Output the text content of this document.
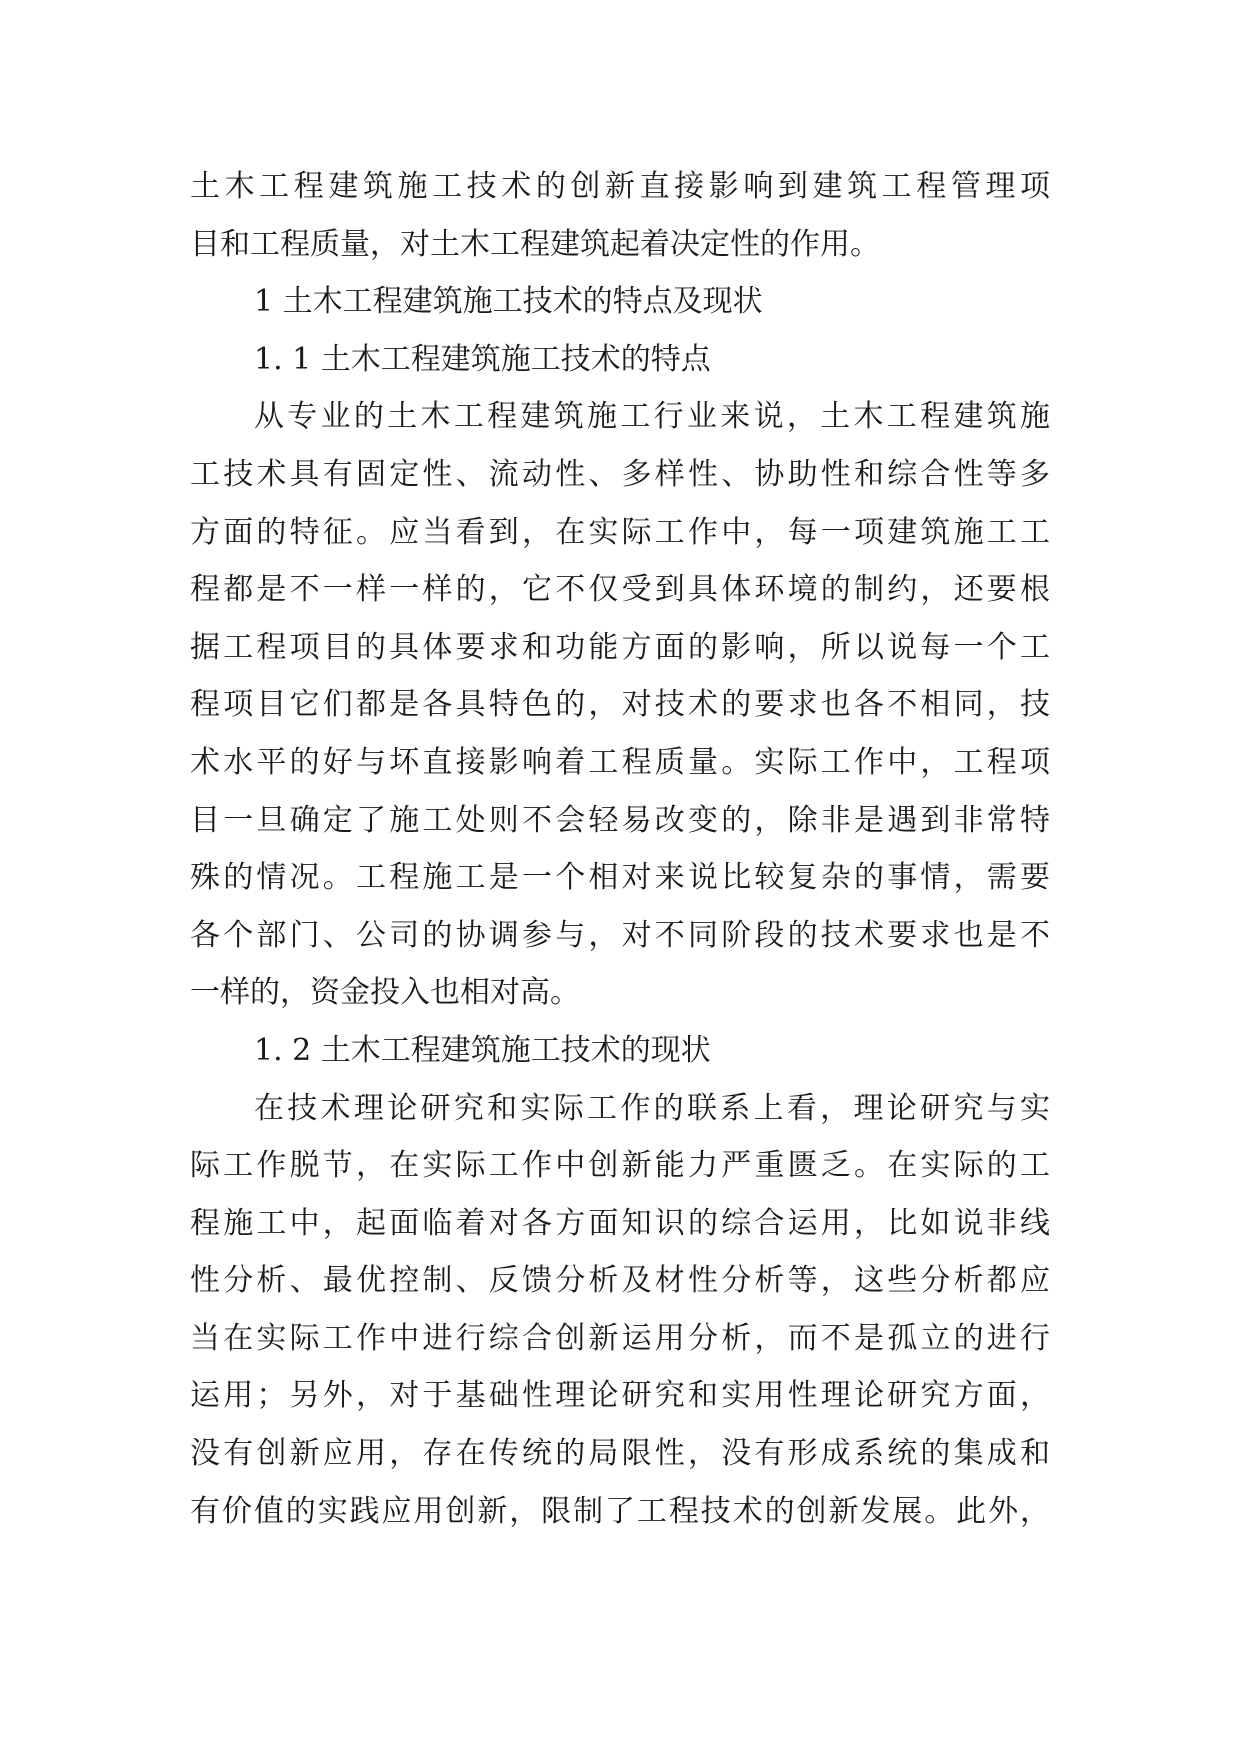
土木工程建筑施工技术的创新直接影响到建筑工程管理项
目和工程质量，对土木工程建筑起着决定性的作用。
1 土木工程建筑施工技术的特点及现状
1. 1 土木工程建筑施工技术的特点
从专业的土木工程建筑施工行业来说，土木工程建筑施
工技术具有固定性、流动性、多样性、协助性和综合性等多
方面的特征。应当看到，在实际工作中，每一项建筑施工工
程都是不一样一样的，它不仅受到具体环境的制约，还要根
据工程项目的具体要求和功能方面的影响，所以说每一个工
程项目它们都是各具特色的，对技术的要求也各不相同，技
术水平的好与坏直接影响着工程质量。实际工作中，工程项
目一旦确定了施工处则不会轻易改变的，除非是遇到非常特
殊的情况。工程施工是一个相对来说比较复杂的事情，需要
各个部门、公司的协调参与，对不同阶段的技术要求也是不
一样的，资金投入也相对高。
1. 2 土木工程建筑施工技术的现状
在技术理论研究和实际工作的联系上看，理论研究与实
际工作脱节，在实际工作中创新能力严重匮乏。在实际的工
程施工中，起面临着对各方面知识的综合运用，比如说非线
性分析、最优控制、反馈分析及材性分析等，这些分析都应
当在实际工作中进行综合创新运用分析，而不是孤立的进行
运用；另外，对于基础性理论研究和实用性理论研究方面，
没有创新应用，存在传统的局限性，没有形成系统的集成和
有价值的实践应用创新，限制了工程技术的创新发展。此外，
